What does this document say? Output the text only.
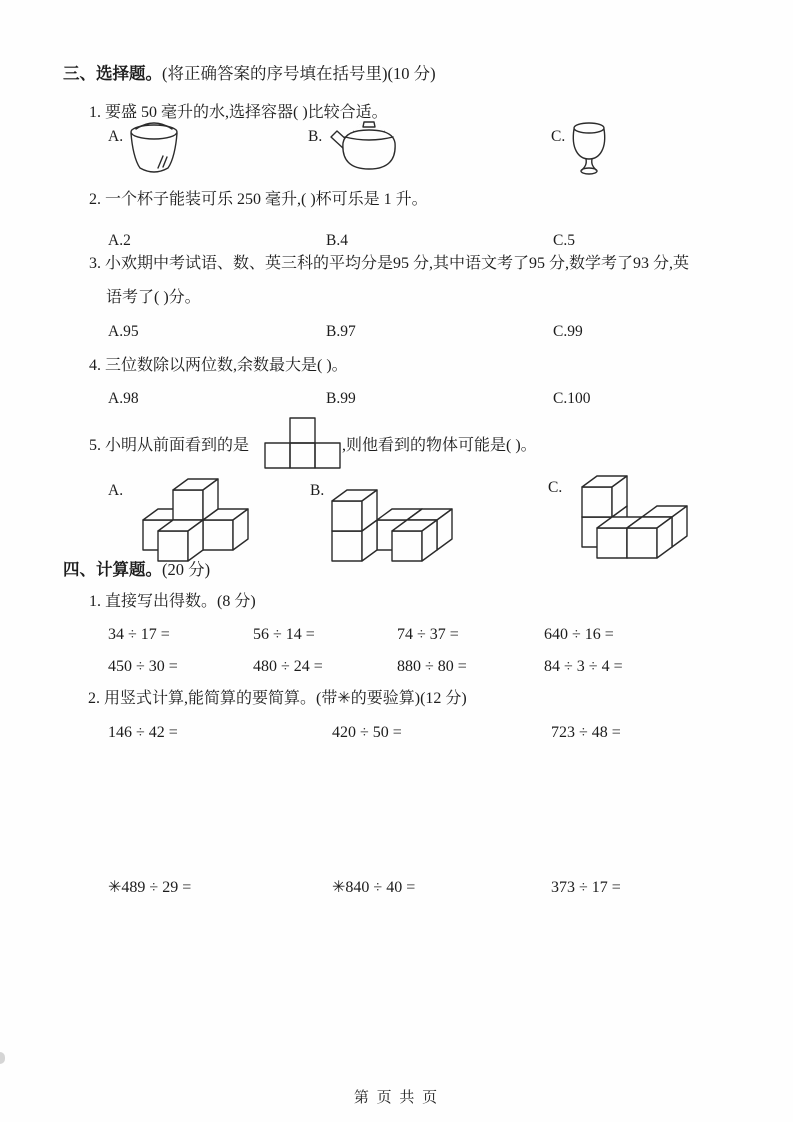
三、选择题。(将正确答案的序号填在括号里)(10 分)
1. 要盛 50 毫升的水,选择容器( )比较合适。
A.	B.	C.
2. 一个杯子能装可乐 250 毫升,( )杯可乐是 1 升。
A.2	B.4	C.5
3. 小欢期中考试语、数、英三科的平均分是95 分,其中语文考了95 分,数学考了93 分,英
语考了( )分。
A.95	B.97	C.99
4. 三位数除以两位数,余数最大是( )。
A.98	B.99	C.100
5. 小明从前面看到的是	,则他看到的物体可能是( )。
A.	B.	C.
四、计算题。(20 分)
1. 直接写出得数。(8 分)
34 ÷ 17 =	56 ÷ 14 =	74 ÷ 37 =	640 ÷ 16 =
450 ÷ 30 =	480 ÷ 24 =	880 ÷ 80 =	84 ÷ 3 ÷ 4 =
2. 用竖式计算,能简算的要简算。(带✳的要验算)(12 分)
146 ÷ 42 =	420 ÷ 50 =	723 ÷ 48 =
✳489 ÷ 29 =	✳840 ÷ 40 =	373 ÷ 17 =
第 页 共 页
